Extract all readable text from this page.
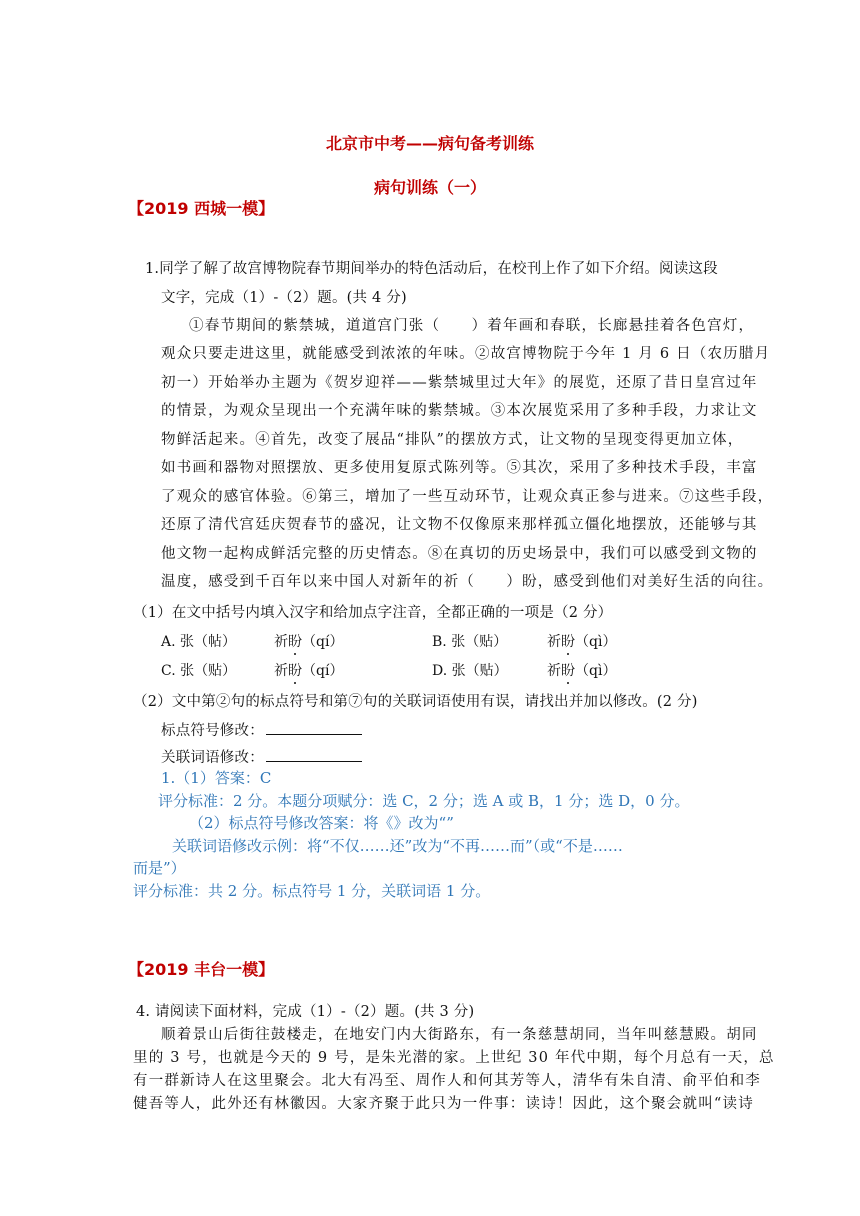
北京市中考——病句备考训练
病句训练（一）
【2019 西城一模】
1.同学了解了故宫博物院春节期间举办的特色活动后，在校刊上作了如下介绍。阅读这段
文字，完成（1）-（2）题。(共 4 分)
①春节期间的紫禁城，道道宫门张（　　）着年画和春联，长廊悬挂着各色宫灯，
观众只要走进这里，就能感受到浓浓的年味。②故宫博物院于今年 1 月 6 日（农历腊月
初一）开始举办主题为《贺岁迎祥——紫禁城里过大年》的展览，还原了昔日皇宫过年
的情景，为观众呈现出一个充满年味的紫禁城。③本次展览采用了多种手段，力求让文
物鲜活起来。④首先，改变了展品“排队”的摆放方式，让文物的呈现变得更加立体，
如书画和器物对照摆放、更多使用复原式陈列等。⑤其次，采用了多种技术手段，丰富
了观众的感官体验。⑥第三，增加了一些互动环节，让观众真正参与进来。⑦这些手段，
还原了清代宫廷庆贺春节的盛况，让文物不仅像原来那样孤立僵化地摆放，还能够与其
他文物一起构成鲜活完整的历史情态。⑧在真切的历史场景中，我们可以感受到文物的
温度，感受到千百年以来中国人对新年的祈（　　）盼，感受到他们对美好生活的向往。
（1）在文中括号内填入汉字和给加点字注音，全都正确的一项是（2 分）
A. 张（帖）	祈盼（qí）	B. 张（贴）	祈盼（qì）
C. 张（贴）	祈盼（qí）	D. 张（贴）	祈盼（qì）
（2）文中第②句的标点符号和第⑦句的关联词语使用有误，请找出并加以修改。(2 分)
标点符号修改：
关联词语修改：
1.（1）答案：C
评分标准：2 分。本题分项赋分：选 C，2 分；选 A 或 B，1 分；选 D，0 分。
（2）标点符号修改答案：将《》改为“”
关联词语修改示例：将“不仅……还”改为“不再……而”（或“不是……
而是”）
评分标准：共 2 分。标点符号 1 分，关联词语 1 分。
【2019 丰台一模】
4. 请阅读下面材料，完成（1）-（2）题。(共 3 分)
顺着景山后街往鼓楼走，在地安门内大街路东，有一条慈慧胡同，当年叫慈慧殿。胡同
里的 3 号，也就是今天的 9 号，是朱光潜的家。上世纪 30 年代中期，每个月总有一天，总
有一群新诗人在这里聚会。北大有冯至、周作人和何其芳等人，清华有朱自清、俞平伯和李
健吾等人，此外还有林徽因。大家齐聚于此只为一件事：读诗！因此，这个聚会就叫“读诗
